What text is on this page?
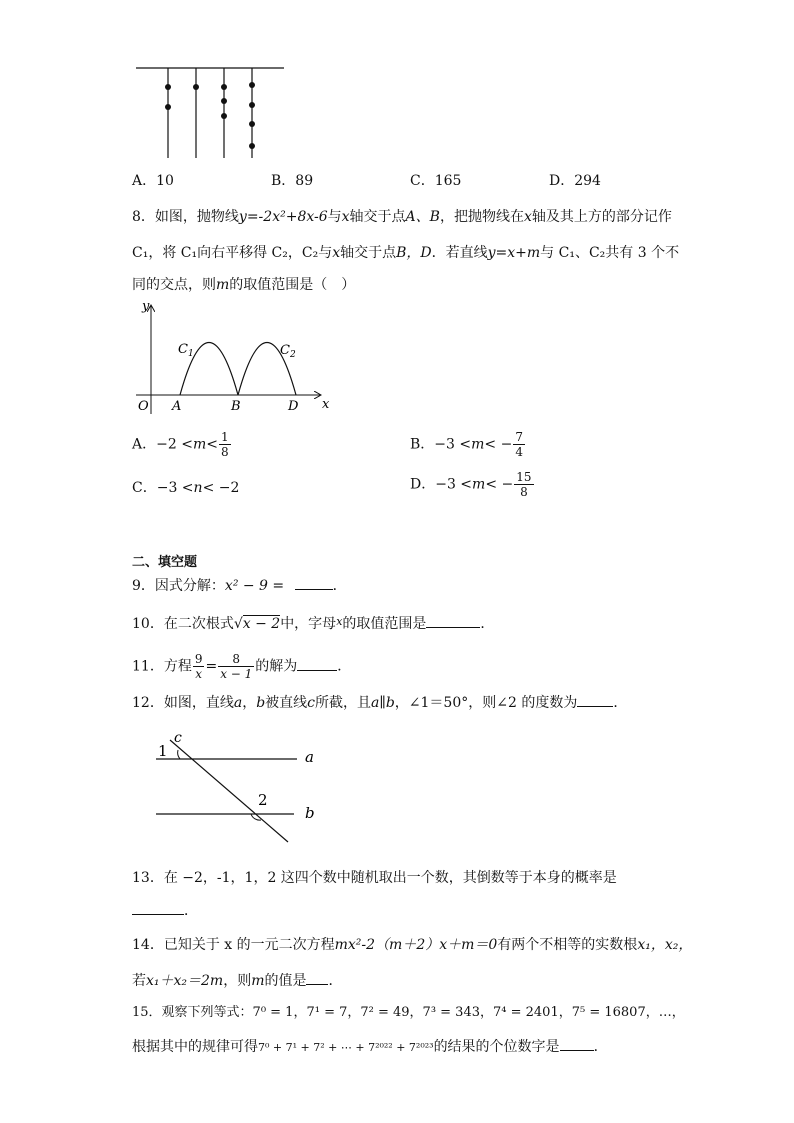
A．10	B．89	C．165	D．294
8．如图，抛物线y=-2x²+8x-6与x轴交于点A、B，把抛物线在x轴及其上方的部分记作
C₁，将 C₁向右平移得 C₂，C₂与x轴交于点B，D．若直线y=x+m与 C₁、C₂共有 3 个不
同的交点，则m的取值范围是（　）
y
x
O A	B	D
$C_1$	$C_2$
A．$-2 <m< \frac{1}{8}$	B．$-3 <m< - \frac{7}{4}$
C．−3 <n< −2	D．$-3 <m< - \frac{15}{8}$
二、填空题
9．因式分解：x² − 9 =	．
10．在二次根式√x − 2中，字母$^x$的取值范围是	．
11．方程 $\frac{9}{x} = \frac{8}{x - 1}$ 的解为	．
12．如图，直线a，b被直线c所截，且a∥b，∠1＝50°，则∠2 的度数为	．
c
1	a
2
b
13．在 −2，-1，1，2 这四个数中随机取出一个数，其倒数等于本身的概率是
．
14．已知关于 x 的一元二次方程mx²-2（m＋2）x＋m＝0有两个不相等的实数根x₁，x₂，
若x₁＋x₂＝2m，则m的值是 ．
15．观察下列等式：7⁰ = 1，7¹ = 7，7² = 49，7³ = 343，7⁴ = 2401，7⁵ = 16807，…，
根据其中的规律可得7⁰ + 7¹ + 7² + ⋯ + 7²⁰²² + 7²⁰²³的结果的个位数字是 ．
